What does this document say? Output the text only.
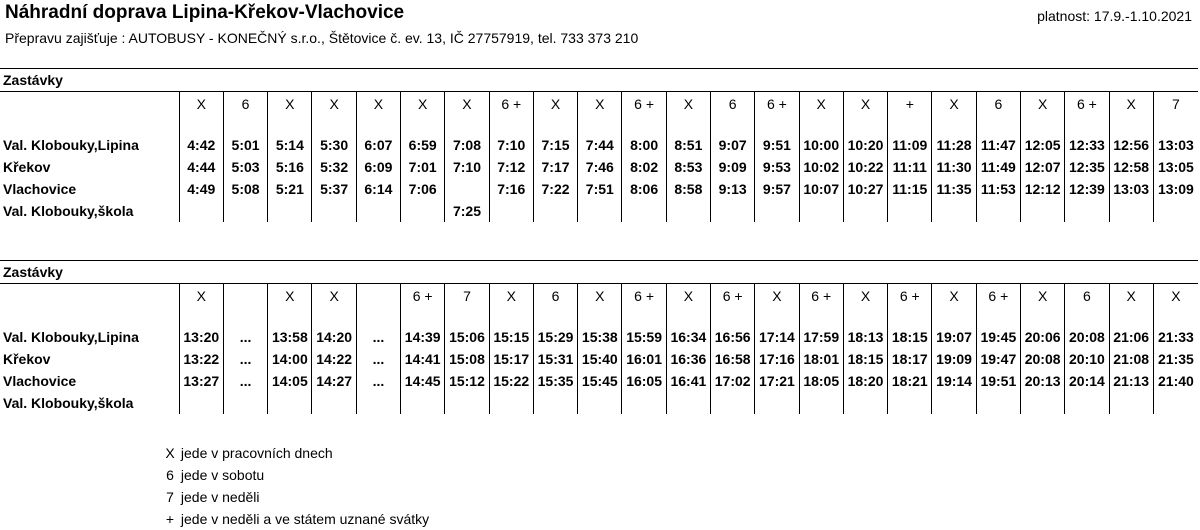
Náhradní doprava Lipina-Křekov-Vlachovice	platnost: 17.9.-1.10.2021
Přepravu zajišťuje : AUTOBUSY - KONEČNÝ s.r.o., Štětovice č. ev. 13, IČ 27757919, tel. 733 373 210
Zastávky																							
	X	6	X	X	X	X	X	6 +	X	X	6 +	X	6	6 +	X	X	+	X	6	X	6 +	X	7

Val. Klobouky,Lipina	4:42	5:01	5:14	5:30	6:07	6:59	7:08	7:10	7:15	7:44	8:00	8:51	9:07	9:51	10:00	10:20	11:09	11:28	11:47	12:05	12:33	12:56	13:03
Křekov	4:44	5:03	5:16	5:32	6:09	7:01	7:10	7:12	7:17	7:46	8:02	8:53	9:09	9:53	10:02	10:22	11:11	11:30	11:49	12:07	12:35	12:58	13:05
Vlachovice	4:49	5:08	5:21	5:37	6:14	7:06		7:16	7:22	7:51	8:06	8:58	9:13	9:57	10:07	10:27	11:15	11:35	11:53	12:12	12:39	13:03	13:09
Val. Klobouky,škola							7:25																
Zastávky																							
	X		X	X		6 +	7	X	6	X	6 +	X	6 +	X	6 +	X	6 +	X	6 +	X	6	X	X

Val. Klobouky,Lipina	13:20	...	13:58	14:20	...	14:39	15:06	15:15	15:29	15:38	15:59	16:34	16:56	17:14	17:59	18:13	18:15	19:07	19:45	20:06	20:08	21:06	21:33
Křekov	13:22	...	14:00	14:22	...	14:41	15:08	15:17	15:31	15:40	16:01	16:36	16:58	17:16	18:01	18:15	18:17	19:09	19:47	20:08	20:10	21:08	21:35
Vlachovice	13:27	...	14:05	14:27	...	14:45	15:12	15:22	15:35	15:45	16:05	16:41	17:02	17:21	18:05	18:20	18:21	19:14	19:51	20:13	20:14	21:13	21:40
Val. Klobouky,škola																							
X jede v pracovních dnech
6 jede v sobotu
7 jede v neděli
+ jede v neděli a ve státem uznané svátky
